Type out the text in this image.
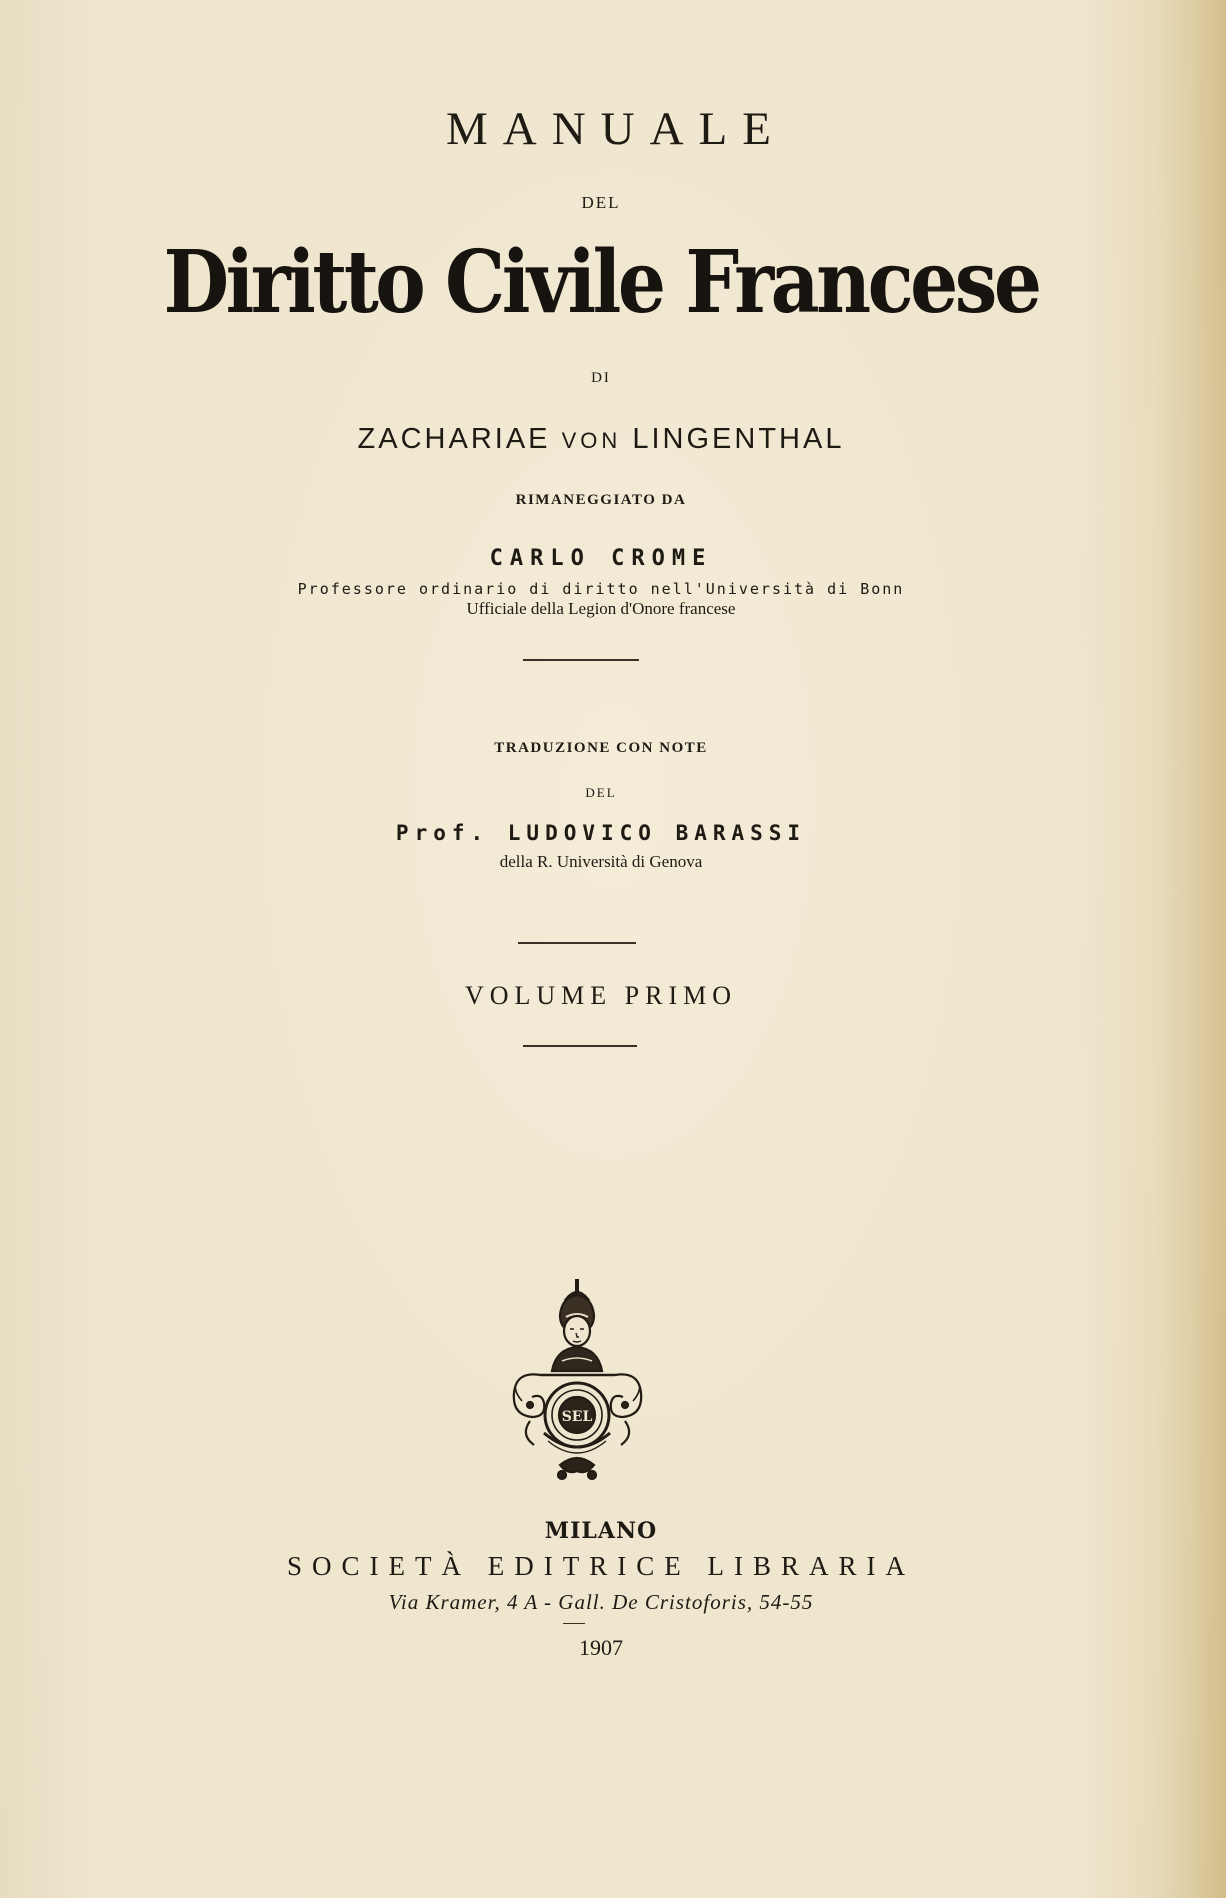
MANUALE
DEL
Diritto Civile Francese
DI
ZACHARIAE VON LINGENTHAL
RIMANEGGIATO DA
CARLO CROME
Professore ordinario di diritto nell'Università di Bonn
Ufficiale della Legion d'Onore francese
TRADUZIONE CON NOTE
DEL
Prof. LUDOVICO BARASSI
della R. Università di Genova
VOLUME PRIMO
SEL
MILANO
SOCIETÀ EDITRICE LIBRARIA
Via Kramer, 4 A - Gall. De Cristoforis, 54-55
1907
